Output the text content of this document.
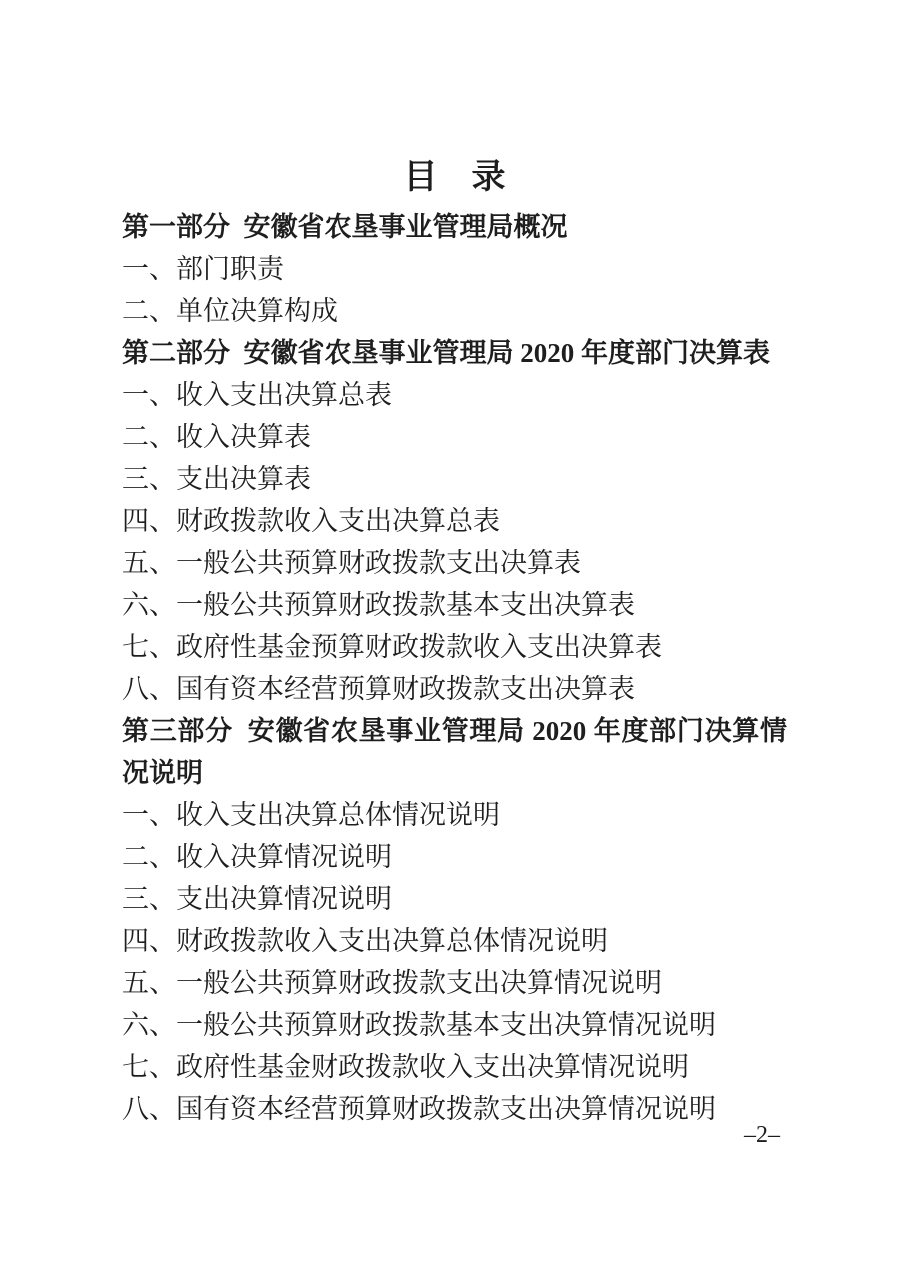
目　录

第一部分  安徽省农垦事业管理局概况

一、部门职责

二、单位决算构成

第二部分  安徽省农垦事业管理局 2020 年度部门决算表

一、收入支出决算总表

二、收入决算表

三、支出决算表

四、财政拨款收入支出决算总表

五、一般公共预算财政拨款支出决算表

六、一般公共预算财政拨款基本支出决算表

七、政府性基金预算财政拨款收入支出决算表

八、国有资本经营预算财政拨款支出决算表

第三部分  安徽省农垦事业管理局 2020 年度部门决算情况说明

一、收入支出决算总体情况说明

二、收入决算情况说明

三、支出决算情况说明

四、财政拨款收入支出决算总体情况说明

五、一般公共预算财政拨款支出决算情况说明

六、一般公共预算财政拨款基本支出决算情况说明

七、政府性基金财政拨款收入支出决算情况说明

八、国有资本经营预算财政拨款支出决算情况说明

–2–
